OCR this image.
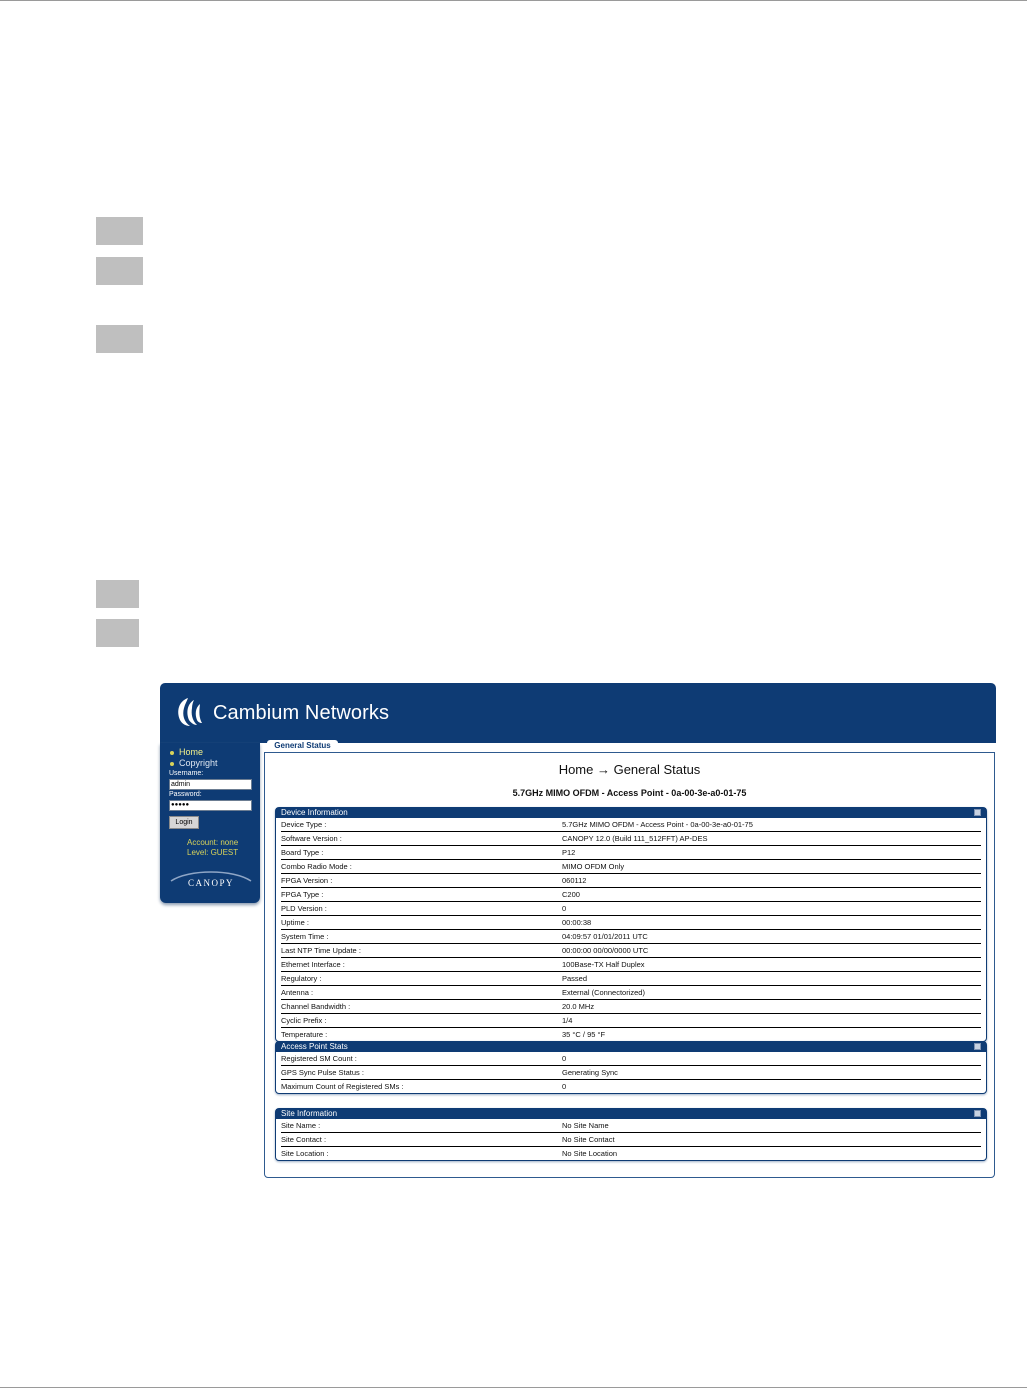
Cambium Networks
Home
Copyright
Username:
admin
Password:
●●●●●
Login
Account: none
Level: GUEST
CANOPY
General Status
Home → General Status
5.7GHz MIMO OFDM - Access Point - 0a-00-3e-a0-01-75
Device Information
Device Type :	5.7GHz MIMO OFDM - Access Point - 0a-00-3e-a0-01-75
Software Version :	CANOPY 12.0 (Build 111_512FFT) AP-DES
Board Type :	P12
Combo Radio Mode :	MIMO OFDM Only
FPGA Version :	060112
FPGA Type :	C200
PLD Version :	0
Uptime :	00:00:38
System Time :	04:09:57 01/01/2011 UTC
Last NTP Time Update :	00:00:00 00/00/0000 UTC
Ethernet Interface :	100Base-TX Half Duplex
Regulatory :	Passed
Antenna :	External (Connectorized)
Channel Bandwidth :	20.0 MHz
Cyclic Prefix :	1/4
Temperature :	35 °C / 95 °F
Access Point Stats
Registered SM Count :	0
GPS Sync Pulse Status :	Generating Sync
Maximum Count of Registered SMs :	0
Site Information
Site Name :	No Site Name
Site Contact :	No Site Contact
Site Location :	No Site Location
